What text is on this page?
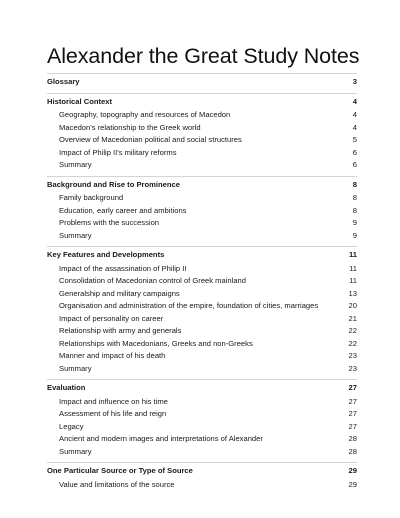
Alexander the Great Study Notes
Glossary	3
Historical Context	4
Geography, topography and resources of Macedon	4
Macedon's relationship to the Greek world	4
Overview of Macedonian political and social structures	5
Impact of Philip II's military reforms	6
Summary	6
Background and Rise to Prominence	8
Family background	8
Education, early career and ambitions	8
Problems with the succession	9
Summary	9
Key Features and Developments	11
Impact of the assassination of Philip II	11
Consolidation of Macedonian control of Greek mainland	11
Generalship and military campaigns	13
Organisation and administration of the empire, foundation of cities, marriages	20
Impact of personality on career	21
Relationship with army and generals	22
Relationships with Macedonians, Greeks and non-Greeks	22
Manner and impact of his death	23
Summary	23
Evaluation	27
Impact and influence on his time	27
Assessment of his life and reign	27
Legacy	27
Ancient and modern images and interpretations of Alexander	28
Summary	28
One Particular Source or Type of Source	29
Value and limitations of the source	29
